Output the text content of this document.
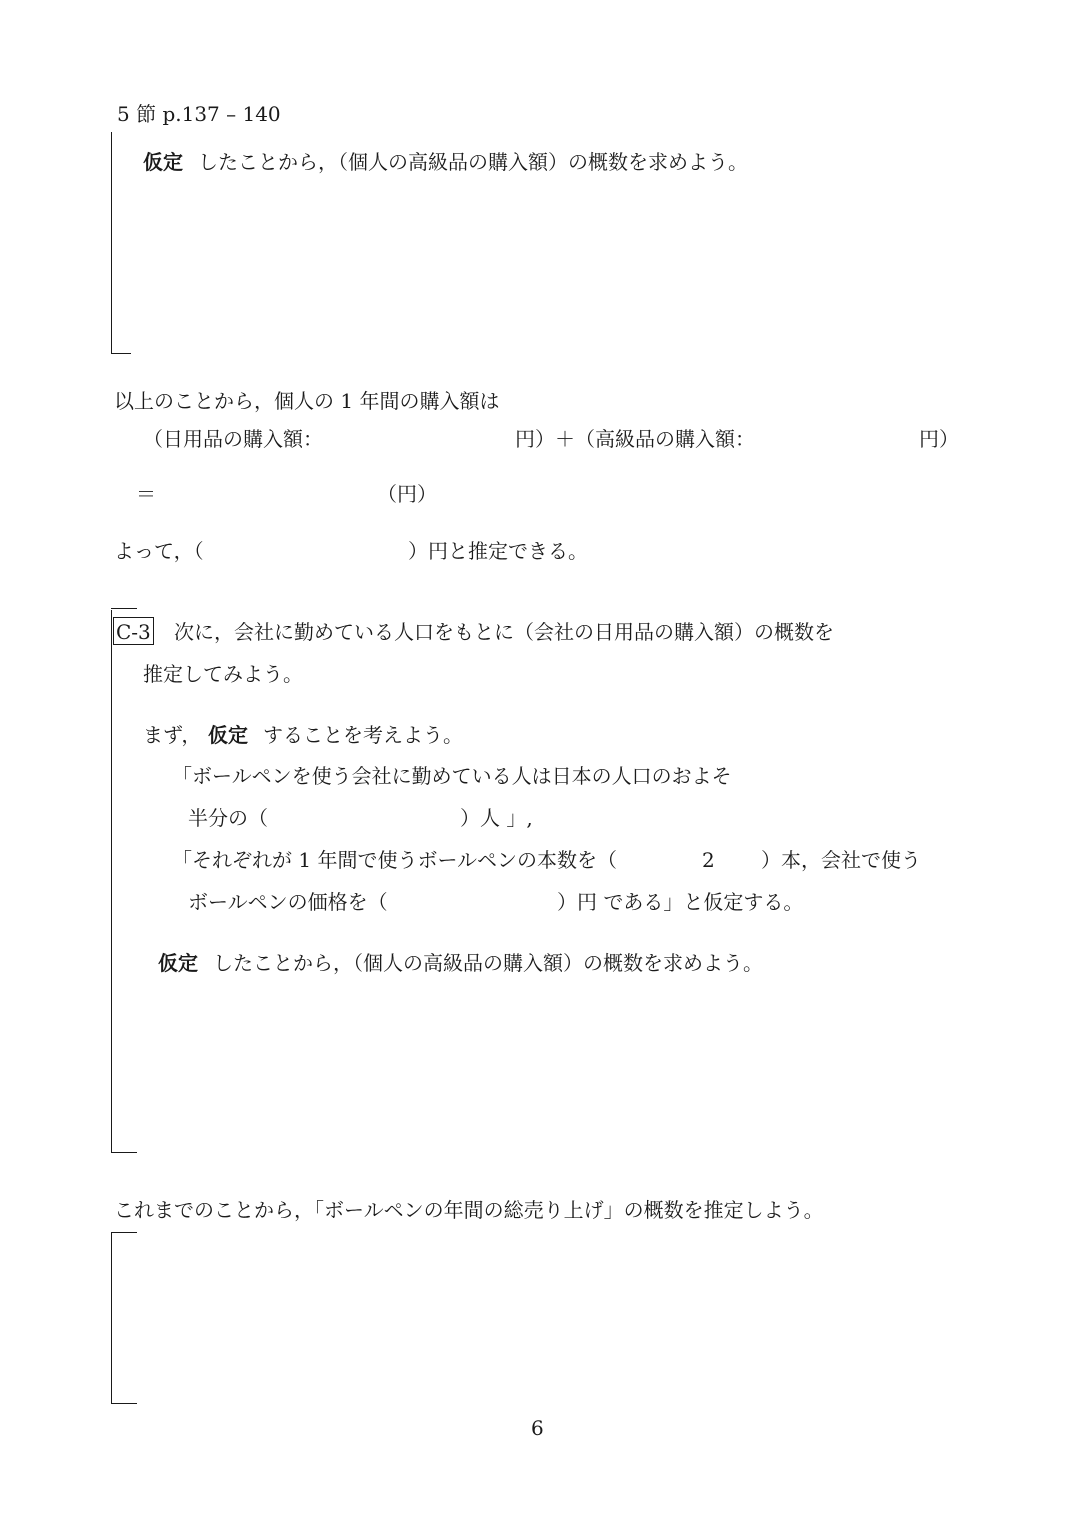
5 節 p.137 – 140
仮定 したことから，（個人の高級品の購入額）の概数を求めよう。
以上のことから，個人の 1 年間の購入額は
（日用品の購入額：	円）＋（高級品の購入額：	円）
＝	（円）
よって，（	）円と推定できる。
C-3 次に，会社に勤めている人口をもとに（会社の日用品の購入額）の概数を
推定してみよう。
まず， 仮定 することを考えよう。
「ボールペンを使う会社に勤めている人は日本の人口のおよそ
半分の（	）人 」,
「それぞれが 1 年間で使うボールペンの本数を（	2 ）本，会社で使う
ボールペンの価格を（	）円 である」と仮定する。
仮定 したことから，（個人の高級品の購入額）の概数を求めよう。
これまでのことから，「ボールペンの年間の総売り上げ」の概数を推定しよう。
6
